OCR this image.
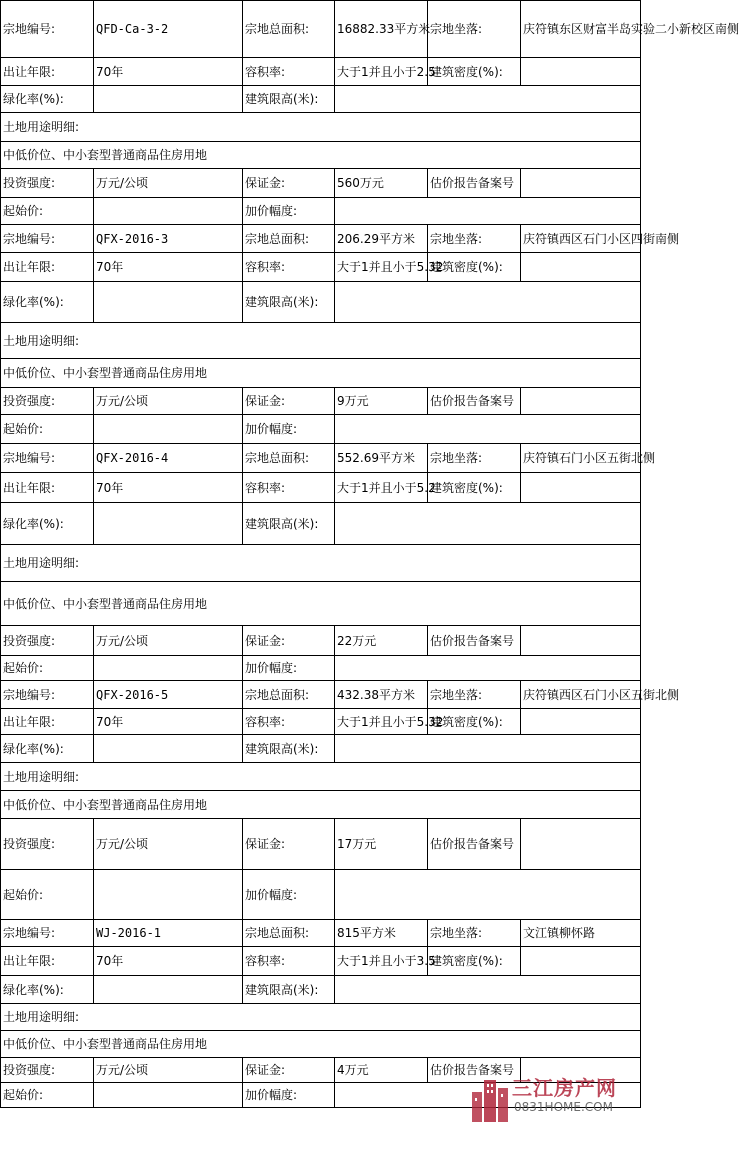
宗地编号:	QFD-Ca-3-2	宗地总面积:	16882.33平方米	宗地坐落:	庆符镇东区财富半岛实验二小新校区南侧
出让年限:	70年	容积率:	大于1并且小于2.5	建筑密度(%):	
绿化率(%):		建筑限高(米):			
土地用途明细:					
中低价位、中小套型普通商品住房用地					
投资强度:	万元/公顷	保证金:	560万元	估价报告备案号	
起始价:		加价幅度:			
宗地编号:	QFX-2016-3	宗地总面积:	206.29平方米	宗地坐落:	庆符镇西区石门小区四街南侧
出让年限:	70年	容积率:	大于1并且小于5.32	建筑密度(%):	
绿化率(%):		建筑限高(米):			
土地用途明细:					
中低价位、中小套型普通商品住房用地					
投资强度:	万元/公顷	保证金:	9万元	估价报告备案号	
起始价:		加价幅度:			
宗地编号:	QFX-2016-4	宗地总面积:	552.69平方米	宗地坐落:	庆符镇石门小区五街北侧
出让年限:	70年	容积率:	大于1并且小于5.2	建筑密度(%):	
绿化率(%):		建筑限高(米):			
土地用途明细:					
中低价位、中小套型普通商品住房用地					
投资强度:	万元/公顷	保证金:	22万元	估价报告备案号	
起始价:		加价幅度:			
宗地编号:	QFX-2016-5	宗地总面积:	432.38平方米	宗地坐落:	庆符镇西区石门小区五街北侧
出让年限:	70年	容积率:	大于1并且小于5.32	建筑密度(%):	
绿化率(%):		建筑限高(米):			
土地用途明细:					
中低价位、中小套型普通商品住房用地					
投资强度:	万元/公顷	保证金:	17万元	估价报告备案号	
起始价:		加价幅度:			
宗地编号:	WJ-2016-1	宗地总面积:	815平方米	宗地坐落:	文江镇柳怀路
出让年限:	70年	容积率:	大于1并且小于3.5	建筑密度(%):	
绿化率(%):		建筑限高(米):			
土地用途明细:					
中低价位、中小套型普通商品住房用地					
投资强度:	万元/公顷	保证金:	4万元	估价报告备案号	
起始价:		加价幅度:				三江房产网
0831HOME.COM
